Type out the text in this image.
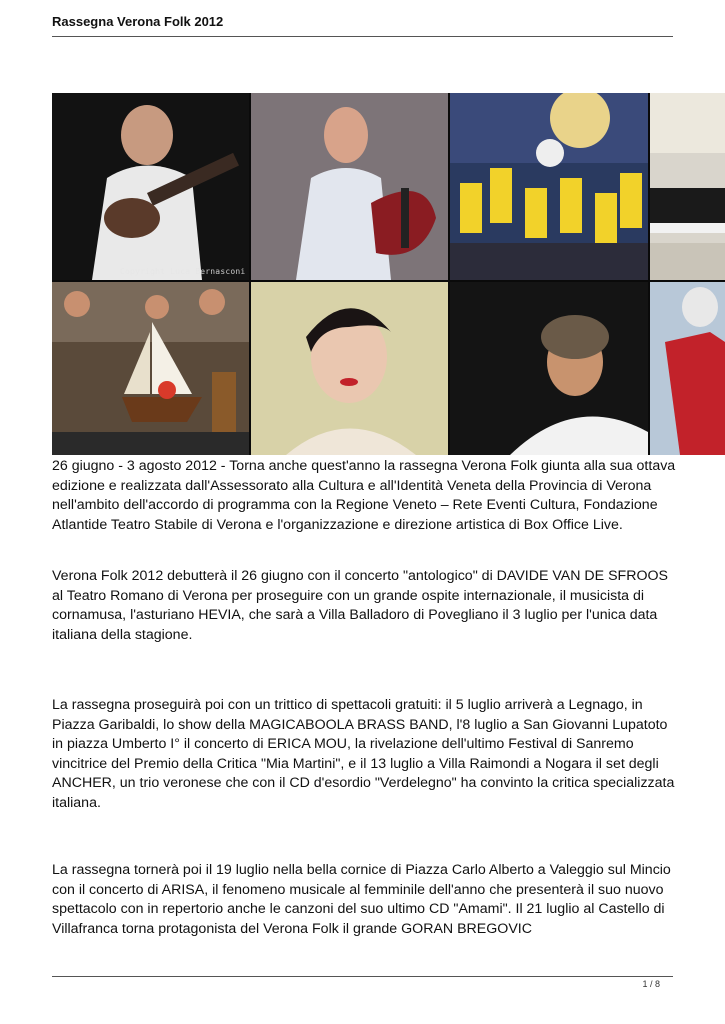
Rassegna Verona Folk 2012
Copyright Luca Bernasconi
26 giugno - 3 agosto 2012 - Torna anche quest'anno la rassegna Verona Folk giunta alla sua ottava edizione e realizzata dall'Assessorato alla Cultura e all'Identità Veneta della Provincia di Verona nell'ambito dell'accordo di programma con la Regione Veneto – Rete Eventi Cultura, Fondazione Atlantide Teatro Stabile di Verona e l'organizzazione e direzione artistica di Box Office Live.
Verona Folk 2012 debutterà il 26 giugno con il concerto "antologico" di DAVIDE VAN DE SFROOS al Teatro Romano di Verona per proseguire con un grande ospite internazionale, il musicista di cornamusa, l'asturiano HEVIA, che sarà a Villa Balladoro di Povegliano il 3 luglio per l'unica data italiana della stagione.
La rassegna proseguirà poi con un trittico di spettacoli gratuiti: il 5 luglio arriverà a Legnago, in Piazza Garibaldi, lo show della MAGICABOOLA BRASS BAND, l'8 luglio a San Giovanni Lupatoto in piazza Umberto I° il concerto di ERICA MOU, la rivelazione dell'ultimo Festival di Sanremo vincitrice del Premio della Critica "Mia Martini", e il 13 luglio a Villa Raimondi a Nogara il set degli ANCHER, un trio veronese che con il CD d'esordio "Verdelegno" ha convinto la critica specializzata italiana.
La rassegna tornerà poi il 19 luglio nella bella cornice di Piazza Carlo Alberto a Valeggio sul Mincio con il concerto di ARISA, il fenomeno musicale al femminile dell'anno che presenterà il suo nuovo spettacolo con in repertorio anche le canzoni del suo ultimo CD "Amami". Il 21 luglio al Castello di Villafranca torna protagonista del Verona Folk il grande GORAN BREGOVIC
1 / 8
